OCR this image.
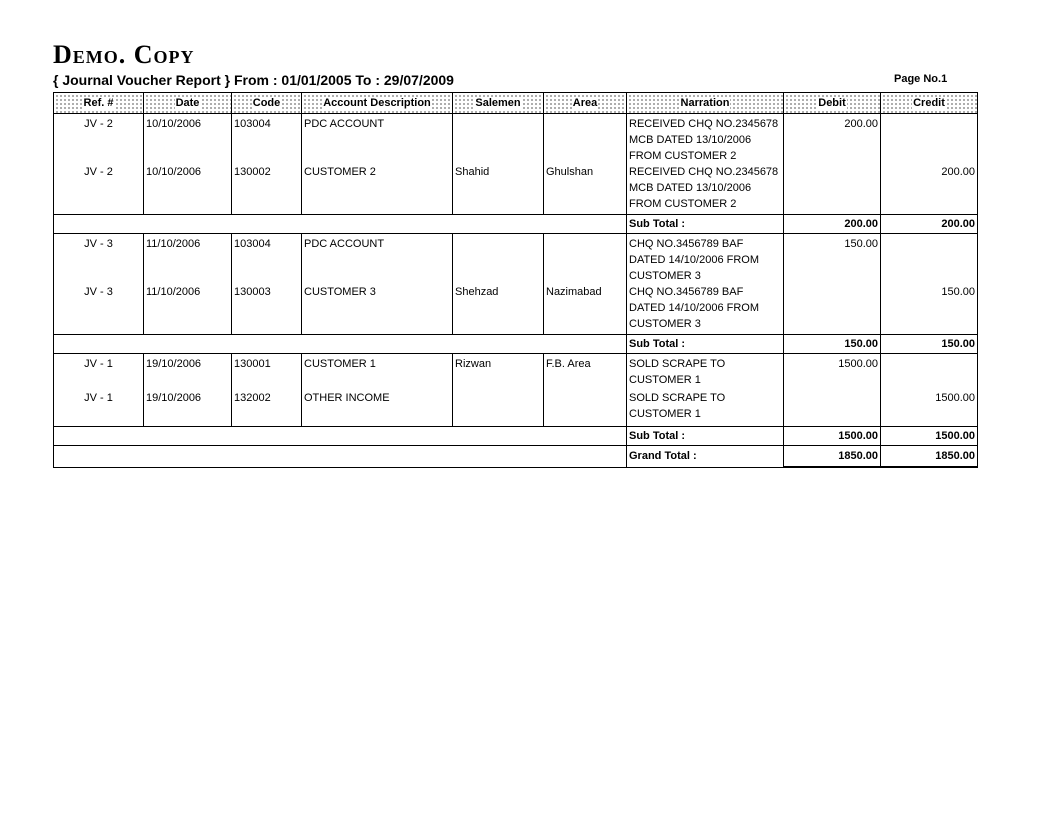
Demo. Copy
{ Journal Voucher Report } From : 01/01/2005 To : 29/07/2009	Page No.1
Ref. #	Date	Code	Account Description	Salemen	Area	Narration	Debit	Credit

JV - 2	10/10/2006	103004	PDC ACCOUNT			RECEIVED CHQ NO.2345678 MCB DATED 13/10/2006 FROM CUSTOMER 2	200.00	
JV - 2	10/10/2006	130002	CUSTOMER 2	Shahid	Ghulshan	RECEIVED CHQ NO.2345678 MCB DATED 13/10/2006 FROM CUSTOMER 2		200.00
						Sub Total :	200.00	200.00
JV - 3	11/10/2006	103004	PDC ACCOUNT			CHQ NO.3456789 BAF DATED 14/10/2006 FROM CUSTOMER 3	150.00	
JV - 3	11/10/2006	130003	CUSTOMER 3	Shehzad	Nazimabad	CHQ NO.3456789 BAF DATED 14/10/2006 FROM CUSTOMER 3		150.00
						Sub Total :	150.00	150.00
JV - 1	19/10/2006	130001	CUSTOMER 1	Rizwan	F.B. Area	SOLD SCRAPE TO CUSTOMER 1	1500.00	
JV - 1	19/10/2006	132002	OTHER INCOME			SOLD SCRAPE TO CUSTOMER 1		1500.00
						Sub Total :	1500.00	1500.00
						Grand Total :	1850.00	1850.00
